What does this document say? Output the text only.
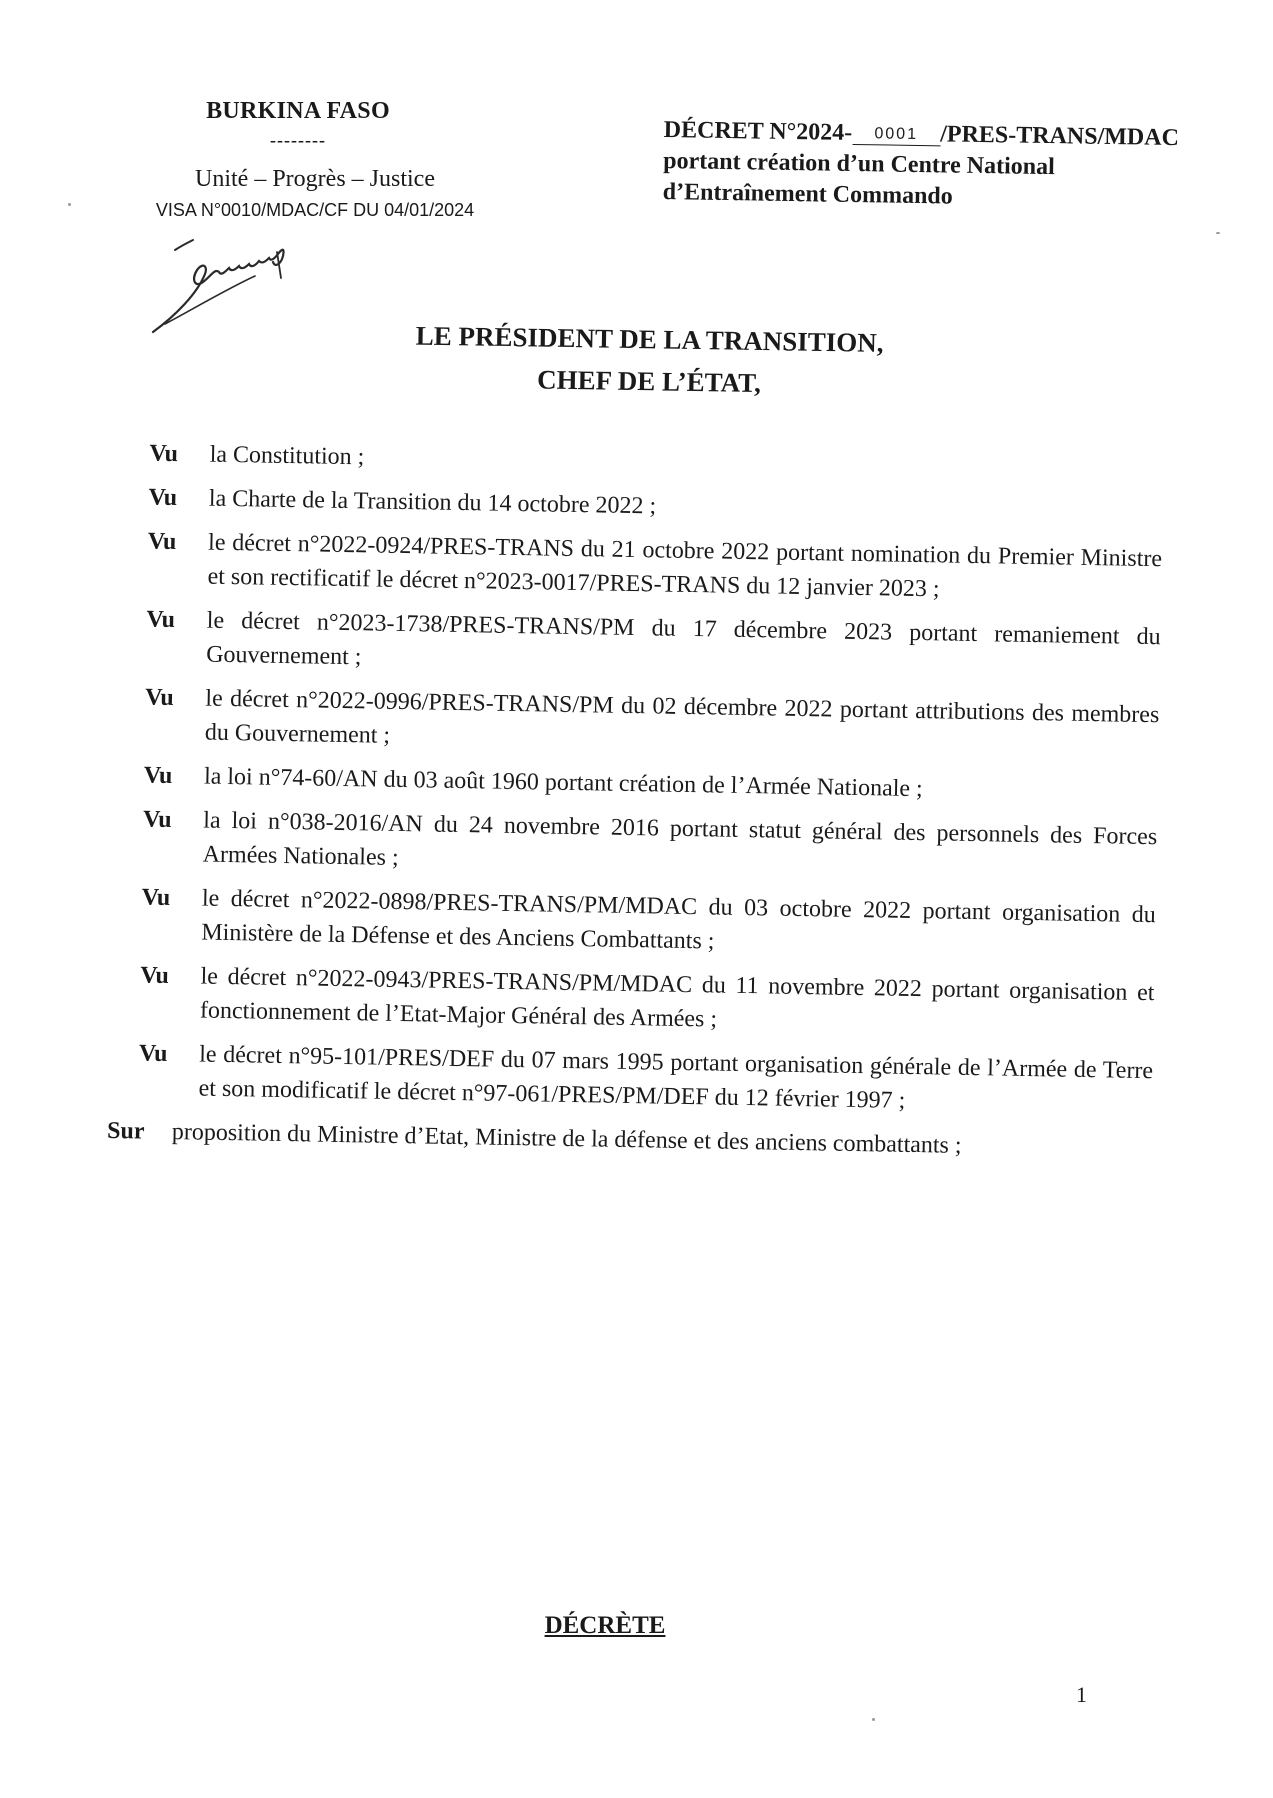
BURKINA FASO
--------
Unité – Progrès – Justice
VISA N°0010/MDAC/CF DU 04/01/2024
DÉCRET N°2024- 0001 /PRES-TRANS/MDAC
portant création d’un Centre National
d’Entraînement Commando
LE PRÉSIDENT DE LA TRANSITION,
CHEF DE L’ÉTAT,
Vu	la Constitution ;
Vu	la Charte de la Transition du 14 octobre 2022 ;
Vu	le décret n°2022-0924/PRES-TRANS du 21 octobre 2022 portant nomination du Premier Ministre et son rectificatif le décret n°2023-0017/PRES-TRANS du 12 janvier 2023 ;
Vu	le décret n°2023-1738/PRES-TRANS/PM du 17 décembre 2023 portant remaniement du Gouvernement ;
Vu	le décret n°2022-0996/PRES-TRANS/PM du 02 décembre 2022 portant attributions des membres du Gouvernement ;
Vu	la loi n°74-60/AN du 03 août 1960 portant création de l’Armée Nationale ;
Vu	la loi n°038-2016/AN du 24 novembre 2016 portant statut général des personnels des Forces Armées Nationales ;
Vu	le décret n°2022-0898/PRES-TRANS/PM/MDAC du 03 octobre 2022 portant organisation du Ministère de la Défense et des Anciens Combattants ;
Vu	le décret n°2022-0943/PRES-TRANS/PM/MDAC du 11 novembre 2022 portant organisation et fonctionnement de l’Etat-Major Général des Armées ;
Vu	le décret n°95-101/PRES/DEF du 07 mars 1995 portant organisation générale de l’Armée de Terre et son modificatif le décret n°97-061/PRES/PM/DEF du 12 février 1997 ;
Sur	proposition du Ministre d’Etat, Ministre de la défense et des anciens combattants ;
DÉCRÈTE
1
